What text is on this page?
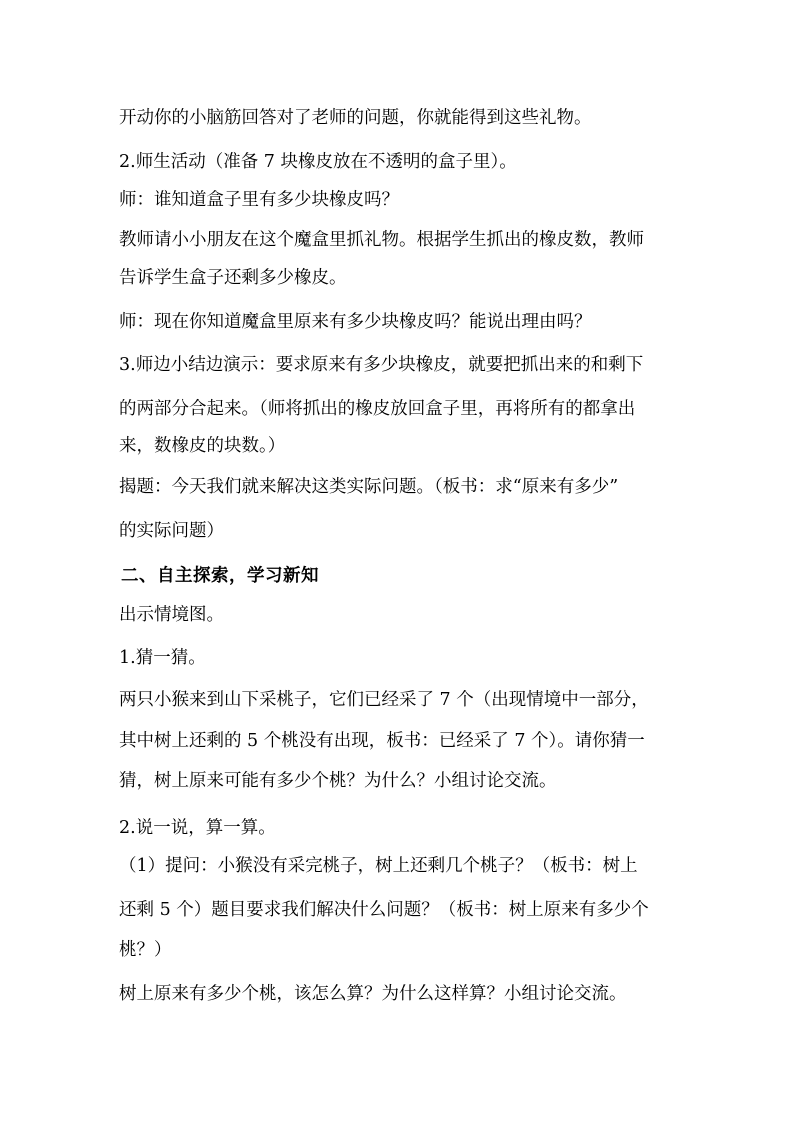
开动你的小脑筋回答对了老师的问题，你就能得到这些礼物。
2.师生活动（准备 7 块橡皮放在不透明的盒子里）。
师：谁知道盒子里有多少块橡皮吗？
教师请小小朋友在这个魔盒里抓礼物。根据学生抓出的橡皮数，教师
告诉学生盒子还剩多少橡皮。
师：现在你知道魔盒里原来有多少块橡皮吗？能说出理由吗？
3.师边小结边演示：要求原来有多少块橡皮，就要把抓出来的和剩下
的两部分合起来。（师将抓出的橡皮放回盒子里，再将所有的都拿出
来，数橡皮的块数。）
揭题：今天我们就来解决这类实际问题。（板书：求“原来有多少”
的实际问题）
二、自主探索，学习新知
出示情境图。
1.猜一猜。
两只小猴来到山下采桃子，它们已经采了 7 个（出现情境中一部分，
其中树上还剩的 5 个桃没有出现，板书：已经采了 7 个）。请你猜一
猜，树上原来可能有多少个桃？为什么？小组讨论交流。
2.说一说，算一算。
（1）提问：小猴没有采完桃子，树上还剩几个桃子？（板书：树上
还剩 5 个）题目要求我们解决什么问题？（板书：树上原来有多少个
桃？）
树上原来有多少个桃，该怎么算？为什么这样算？小组讨论交流。
